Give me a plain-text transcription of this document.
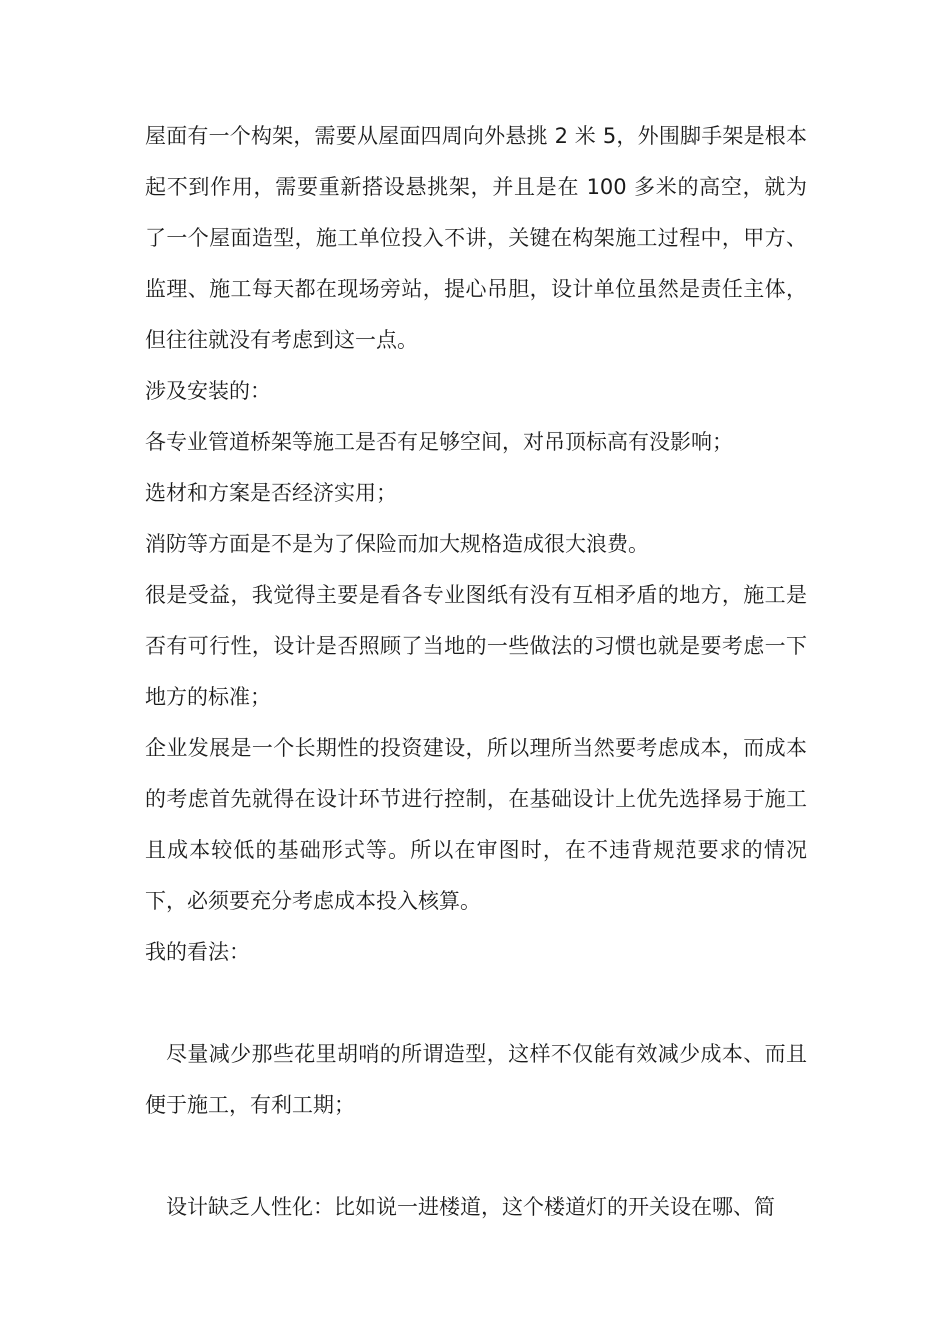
屋面有一个构架，需要从屋面四周向外悬挑 2 米 5，外围脚手架是根本起不到作用，需要重新搭设悬挑架，并且是在 100 多米的高空，就为了一个屋面造型，施工单位投入不讲，关键在构架施工过程中，甲方、监理、施工每天都在现场旁站，提心吊胆，设计单位虽然是责任主体，但往往就没有考虑到这一点。

涉及安装的：

各专业管道桥架等施工是否有足够空间，对吊顶标高有没影响；

选材和方案是否经济实用；

消防等方面是不是为了保险而加大规格造成很大浪费。

很是受益，我觉得主要是看各专业图纸有没有互相矛盾的地方，施工是否有可行性，设计是否照顾了当地的一些做法的习惯也就是要考虑一下地方的标准；

企业发展是一个长期性的投资建设，所以理所当然要考虑成本，而成本的考虑首先就得在设计环节进行控制，在基础设计上优先选择易于施工且成本较低的基础形式等。所以在审图时，在不违背规范要求的情况下，必须要充分考虑成本投入核算。

我的看法：

尽量减少那些花里胡哨的所谓造型，这样不仅能有效减少成本、而且便于施工，有利工期；

设计缺乏人性化：比如说一进楼道，这个楼道灯的开关设在哪、简
